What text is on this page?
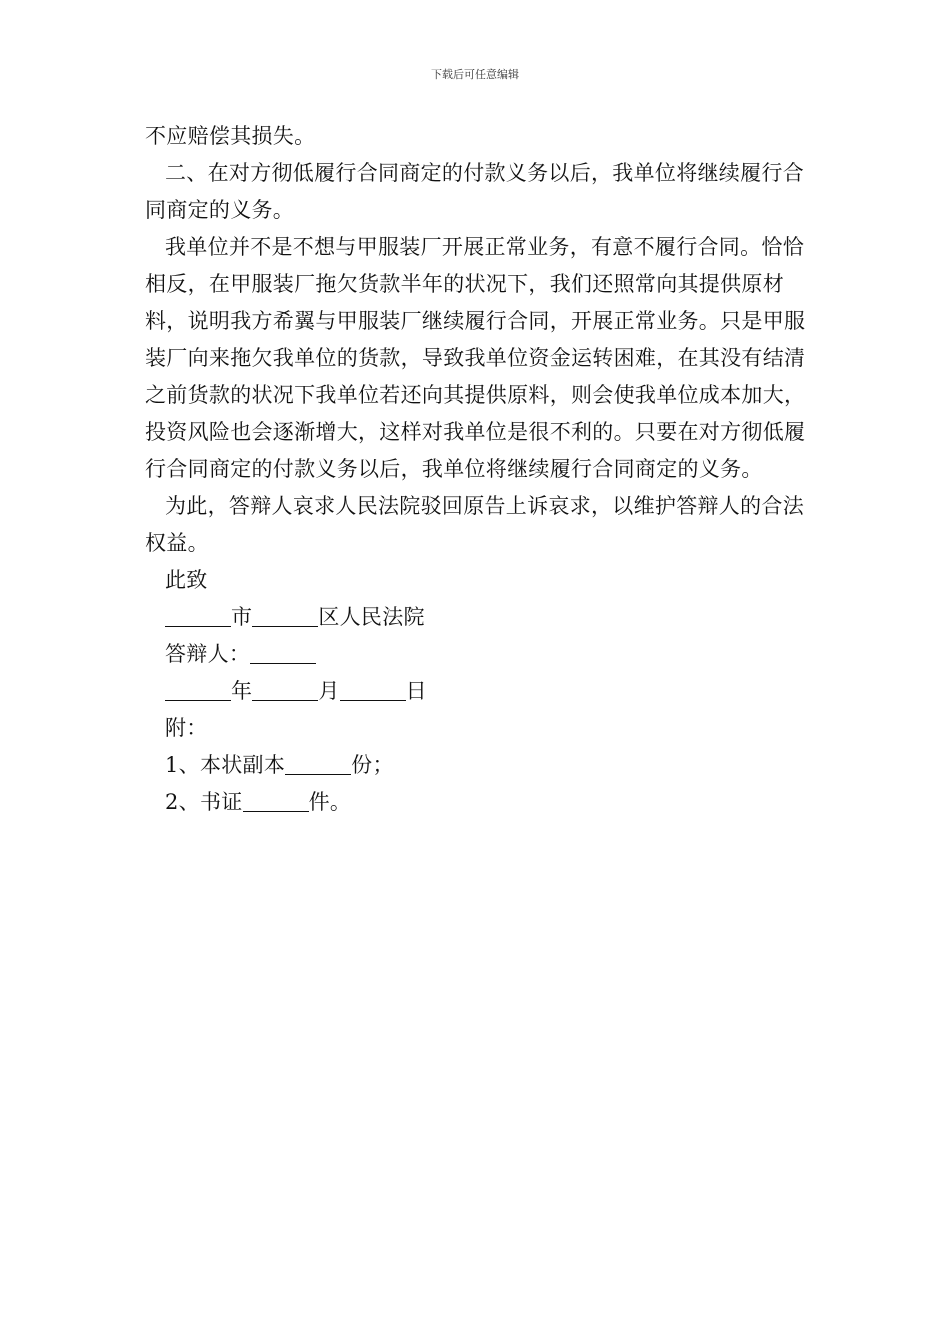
下载后可任意编辑

不应赔偿其损失。

二、在对方彻低履行合同商定的付款义务以后，我单位将继续履行合同商定的义务。

我单位并不是不想与甲服装厂开展正常业务，有意不履行合同。恰恰相反，在甲服装厂拖欠货款半年的状况下，我们还照常向其提供原材料，说明我方希翼与甲服装厂继续履行合同，开展正常业务。只是甲服装厂向来拖欠我单位的货款，导致我单位资金运转困难，在其没有结清之前货款的状况下我单位若还向其提供原料，则会使我单位成本加大，投资风险也会逐渐增大，这样对我单位是很不利的。只要在对方彻低履行合同商定的付款义务以后，我单位将继续履行合同商定的义务。

为此，答辩人哀求人民法院驳回原告上诉哀求，以维护答辩人的合法权益。

此致

市	区人民法院

答辩人：

年	月	日

附：

1、本状副本	份；

2、书证	件。
